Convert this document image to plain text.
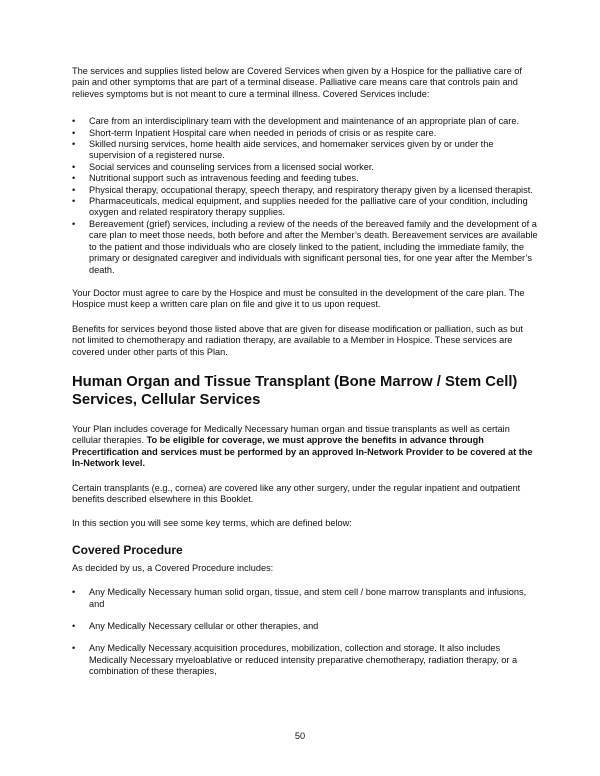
The services and supplies listed below are Covered Services when given by a Hospice for the palliative care of pain and other symptoms that are part of a terminal disease. Palliative care means care that controls pain and relieves symptoms but is not meant to cure a terminal illness. Covered Services include:

• Care from an interdisciplinary team with the development and maintenance of an appropriate plan of care.
• Short-term Inpatient Hospital care when needed in periods of crisis or as respite care.
• Skilled nursing services, home health aide services, and homemaker services given by or under the supervision of a registered nurse.
• Social services and counseling services from a licensed social worker.
• Nutritional support such as intravenous feeding and feeding tubes.
• Physical therapy, occupational therapy, speech therapy, and respiratory therapy given by a licensed therapist.
• Pharmaceuticals, medical equipment, and supplies needed for the palliative care of your condition, including oxygen and related respiratory therapy supplies.
• Bereavement (grief) services, including a review of the needs of the bereaved family and the development of a care plan to meet those needs, both before and after the Member’s death. Bereavement services are available to the patient and those individuals who are closely linked to the patient, including the immediate family, the primary or designated caregiver and individuals with significant personal ties, for one year after the Member’s death.

Your Doctor must agree to care by the Hospice and must be consulted in the development of the care plan. The Hospice must keep a written care plan on file and give it to us upon request.

Benefits for services beyond those listed above that are given for disease modification or palliation, such as but not limited to chemotherapy and radiation therapy, are available to a Member in Hospice. These services are covered under other parts of this Plan.

Human Organ and Tissue Transplant (Bone Marrow / Stem Cell)
Services, Cellular Services

Your Plan includes coverage for Medically Necessary human organ and tissue transplants as well as certain cellular therapies. To be eligible for coverage, we must approve the benefits in advance through Precertification and services must be performed by an approved In-Network Provider to be covered at the In-Network level.

Certain transplants (e.g., cornea) are covered like any other surgery, under the regular inpatient and outpatient benefits described elsewhere in this Booklet.

In this section you will see some key terms, which are defined below:

Covered Procedure

As decided by us, a Covered Procedure includes:

• Any Medically Necessary human solid organ, tissue, and stem cell / bone marrow transplants and infusions, and
• Any Medically Necessary cellular or other therapies, and
• Any Medically Necessary acquisition procedures, mobilization, collection and storage. It also includes Medically Necessary myeloablative or reduced intensity preparative chemotherapy, radiation therapy, or a combination of these therapies,
50
